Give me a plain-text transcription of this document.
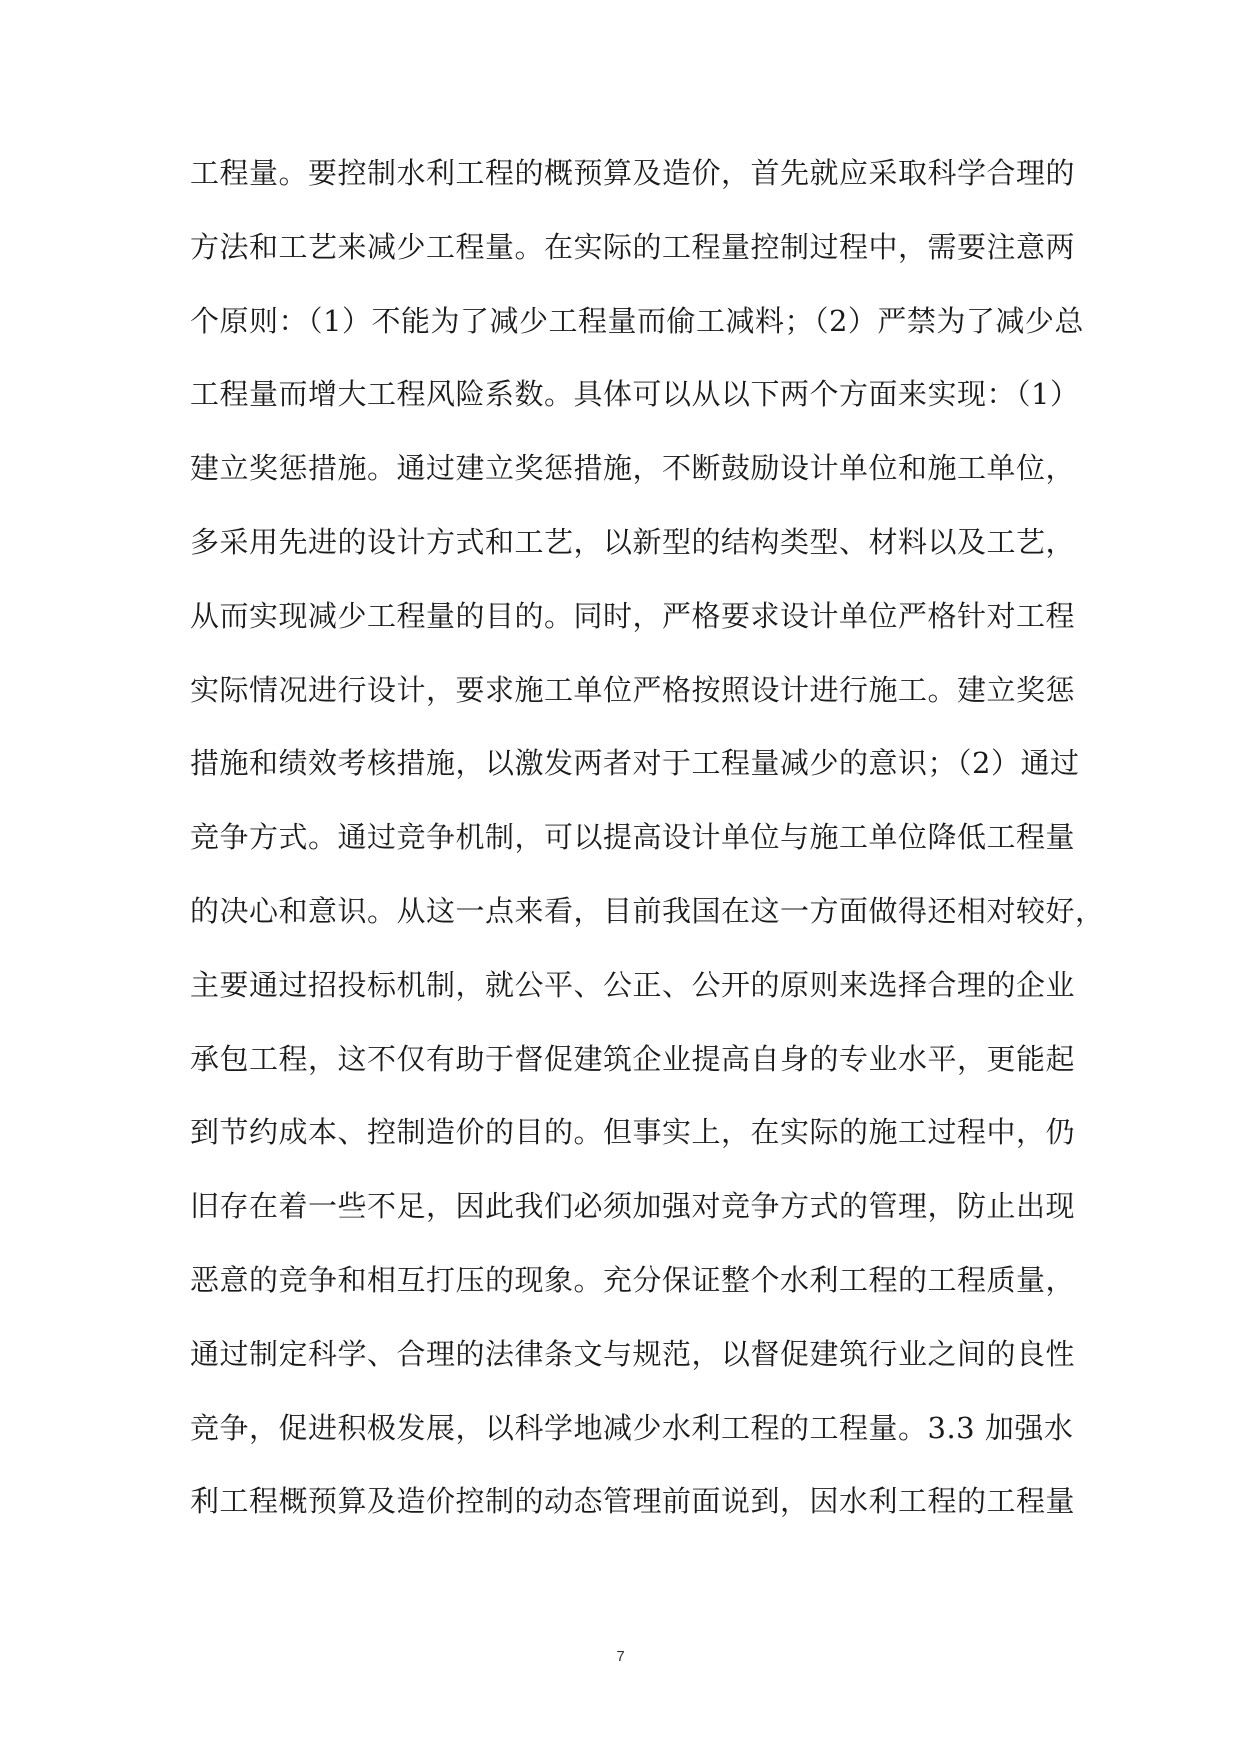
工程量。要控制水利工程的概预算及造价，首先就应采取科学合理的
方法和工艺来减少工程量。在实际的工程量控制过程中，需要注意两
个原则：（1）不能为了减少工程量而偷工减料；（2）严禁为了减少总
工程量而增大工程风险系数。具体可以从以下两个方面来实现：（1）
建立奖惩措施。通过建立奖惩措施，不断鼓励设计单位和施工单位，
多采用先进的设计方式和工艺，以新型的结构类型、材料以及工艺，
从而实现减少工程量的目的。同时，严格要求设计单位严格针对工程
实际情况进行设计，要求施工单位严格按照设计进行施工。建立奖惩
措施和绩效考核措施，以激发两者对于工程量减少的意识；（2）通过
竞争方式。通过竞争机制，可以提高设计单位与施工单位降低工程量
的决心和意识。从这一点来看，目前我国在这一方面做得还相对较好，
主要通过招投标机制，就公平、公正、公开的原则来选择合理的企业
承包工程，这不仅有助于督促建筑企业提高自身的专业水平，更能起
到节约成本、控制造价的目的。但事实上，在实际的施工过程中，仍
旧存在着一些不足，因此我们必须加强对竞争方式的管理，防止出现
恶意的竞争和相互打压的现象。充分保证整个水利工程的工程质量，
通过制定科学、合理的法律条文与规范，以督促建筑行业之间的良性
竞争，促进积极发展，以科学地减少水利工程的工程量。3.3 加强水
利工程概预算及造价控制的动态管理前面说到，因水利工程的工程量
7
